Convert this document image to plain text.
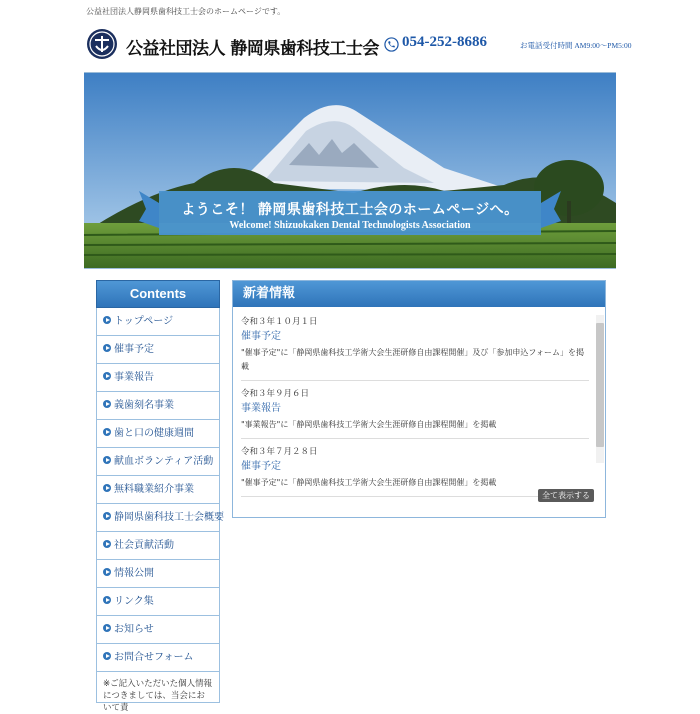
公益社団法人静岡県歯科技工士会のホームページです。
公益社団法人 静岡県歯科技工士会 054-252-8686	お電話受付時間 AM9:00〜PM5:00
ようこそ！ 静岡県歯科技工士会のホームページへ。
Welcome! Shizuokaken Dental Technologists Association
Contents
トップページ
催事予定
事業報告
義歯刻名事業
歯と口の健康週間
献血ボランティア活動
無料職業紹介事業
静岡県歯科技工士会概要
社会貢献活動
情報公開
リンク集
お知らせ
お問合せフォーム
※ご記入いただいた個人情報につきましては、当会において責
新着情報
令和３年１０月１日
催事予定
"催事予定"に「静岡県歯科技工学術大会生涯研修自由課程開催」及び「参加申込フォーム」を掲載
令和３年９月６日
事業報告
"事業報告"に「静岡県歯科技工学術大会生涯研修自由課程開催」を掲載
令和３年７月２８日
催事予定
"催事予定"に「静岡県歯科技工学術大会生涯研修自由課程開催」を掲載
全て表示する
